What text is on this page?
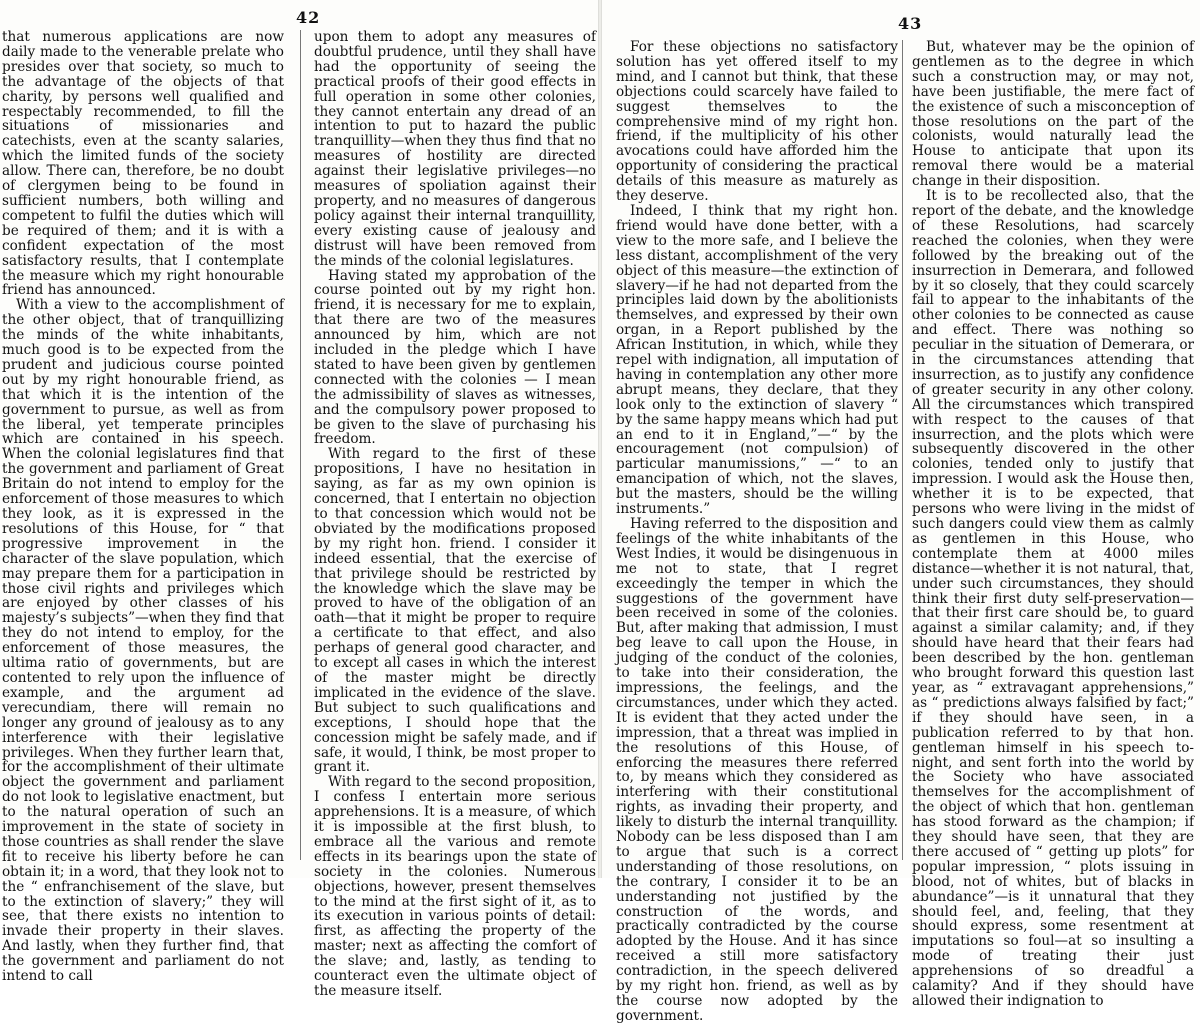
42

that numerous applications are now daily made to the venerable prelate who presides over that society, so much to the advantage of the objects of that charity, by persons well qualified and respectably recommended, to fill the situations of missionaries and catechists, even at the scanty salaries, which the limited funds of the society allow. There can, therefore, be no doubt of clergymen being to be found in sufficient numbers, both willing and competent to fulfil the duties which will be required of them; and it is with a confident expectation of the most satisfactory results, that I contemplate the measure which my right honourable friend has announced.

With a view to the accomplishment of the other object, that of tranquillizing the minds of the white inhabitants, much good is to be expected from the prudent and judicious course pointed out by my right honourable friend, as that which it is the intention of the government to pursue, as well as from the liberal, yet temperate principles which are contained in his speech. When the colonial legislatures find that the government and parliament of Great Britain do not intend to employ for the enforcement of those measures to which they look, as it is expressed in the resolutions of this House, for “ that progressive improvement in the character of the slave population, which may prepare them for a participation in those civil rights and privileges which are enjoyed by other classes of his majesty’s subjects”—when they find that they do not intend to employ, for the enforcement of those measures, the ultima ratio of governments, but are contented to rely upon the influence of example, and the argument ad verecundiam, there will remain no longer any ground of jealousy as to any interference with their legislative privileges. When they further learn that, for the accomplishment of their ultimate object the government and parliament do not look to legislative enactment, but to the natural operation of such an improvement in the state of society in those countries as shall render the slave fit to receive his liberty before he can obtain it; in a word, that they look not to the “ enfranchisement of the slave, but to the extinction of slavery;” they will see, that there exists no intention to invade their property in their slaves. And lastly, when they further find, that the government and parliament do not intend to call

upon them to adopt any measures of doubtful prudence, until they shall have had the opportunity of seeing the practical proofs of their good effects in full operation in some other colonies, they cannot entertain any dread of an intention to put to hazard the public tranquillity—when they thus find that no measures of hostility are directed against their legislative privileges—no measures of spoliation against their property, and no measures of dangerous policy against their internal tranquillity, every existing cause of jealousy and distrust will have been removed from the minds of the colonial legislatures.

Having stated my approbation of the course pointed out by my right hon. friend, it is necessary for me to explain, that there are two of the measures announced by him, which are not included in the pledge which I have stated to have been given by gentlemen connected with the colonies — I mean the admissibility of slaves as witnesses, and the compulsory power proposed to be given to the slave of purchasing his freedom.

With regard to the first of these propositions, I have no hesitation in saying, as far as my own opinion is concerned, that I entertain no objection to that concession which would not be obviated by the modifications proposed by my right hon. friend. I consider it indeed essential, that the exercise of that privilege should be restricted by the knowledge which the slave may be proved to have of the obligation of an oath—that it might be proper to require a certificate to that effect, and also perhaps of general good character, and to except all cases in which the interest of the master might be directly implicated in the evidence of the slave. But subject to such qualifications and exceptions, I should hope that the concession might be safely made, and if safe, it would, I think, be most proper to grant it.

With regard to the second proposition, I confess I entertain more serious apprehensions. It is a measure, of which it is impossible at the first blush, to embrace all the various and remote effects in its bearings upon the state of society in the colonies. Numerous objections, however, present themselves to the mind at the first sight of it, as to its execution in various points of detail: first, as affecting the property of the master; next as affecting the comfort of the slave; and, lastly, as tending to counteract even the ultimate object of the measure itself.

43

For these objections no satisfactory solution has yet offered itself to my mind, and I cannot but think, that these objections could scarcely have failed to suggest themselves to the comprehensive mind of my right hon. friend, if the multiplicity of his other avocations could have afforded him the opportunity of considering the practical details of this measure as maturely as they deserve.

Indeed, I think that my right hon. friend would have done better, with a view to the more safe, and I believe the less distant, accomplishment of the very object of this measure—the extinction of slavery—if he had not departed from the principles laid down by the abolitionists themselves, and expressed by their own organ, in a Report published by the African Institution, in which, while they repel with indignation, all imputation of having in contemplation any other more abrupt means, they declare, that they look only to the extinction of slavery “ by the same happy means which had put an end to it in England,”—“ by the encouragement (not compulsion) of particular manumissions,” —“ to an emancipation of which, not the slaves, but the masters, should be the willing instruments.”

Having referred to the disposition and feelings of the white inhabitants of the West Indies, it would be disingenuous in me not to state, that I regret exceedingly the temper in which the suggestions of the government have been received in some of the colonies. But, after making that admission, I must beg leave to call upon the House, in judging of the conduct of the colonies, to take into their consideration, the impressions, the feelings, and the circumstances, under which they acted. It is evident that they acted under the impression, that a threat was implied in the resolutions of this House, of enforcing the measures there referred to, by means which they considered as interfering with their constitutional rights, as invading their property, and likely to disturb the internal tranquillity. Nobody can be less disposed than I am to argue that such is a correct understanding of those resolutions, on the contrary, I consider it to be an understanding not justified by the construction of the words, and practically contradicted by the course adopted by the House. And it has since received a still more satisfactory contradiction, in the speech delivered by my right hon. friend, as well as by the course now adopted by the government.

But, whatever may be the opinion of gentlemen as to the degree in which such a construction may, or may not, have been justifiable, the mere fact of the existence of such a misconception of those resolutions on the part of the colonists, would naturally lead the House to anticipate that upon its removal there would be a material change in their disposition.

It is to be recollected also, that the report of the debate, and the knowledge of these Resolutions, had scarcely reached the colonies, when they were followed by the breaking out of the insurrection in Demerara, and followed by it so closely, that they could scarcely fail to appear to the inhabitants of the other colonies to be connected as cause and effect. There was nothing so peculiar in the situation of Demerara, or in the circumstances attending that insurrection, as to justify any confidence of greater security in any other colony. All the circumstances which transpired with respect to the causes of that insurrection, and the plots which were subsequently discovered in the other colonies, tended only to justify that impression. I would ask the House then, whether it is to be expected, that persons who were living in the midst of such dangers could view them as calmly as gentlemen in this House, who contemplate them at 4000 miles distance—whether it is not natural, that, under such circumstances, they should think their first duty self-preservation—that their first care should be, to guard against a similar calamity; and, if they should have heard that their fears had been described by the hon. gentleman who brought forward this question last year, as “ extravagant apprehensions,” as “ predictions always falsified by fact;” if they should have seen, in a publication referred to by that hon. gentleman himself in his speech to-night, and sent forth into the world by the Society who have associated themselves for the accomplishment of the object of which that hon. gentleman has stood forward as the champion; if they should have seen, that they are there accused of “ getting up plots” for popular impression, “ plots issuing in blood, not of whites, but of blacks in abundance”—is it unnatural that they should feel, and, feeling, that they should express, some resentment at imputations so foul—at so insulting a mode of treating their just apprehensions of so dreadful a calamity? And if they should have allowed their indignation to
